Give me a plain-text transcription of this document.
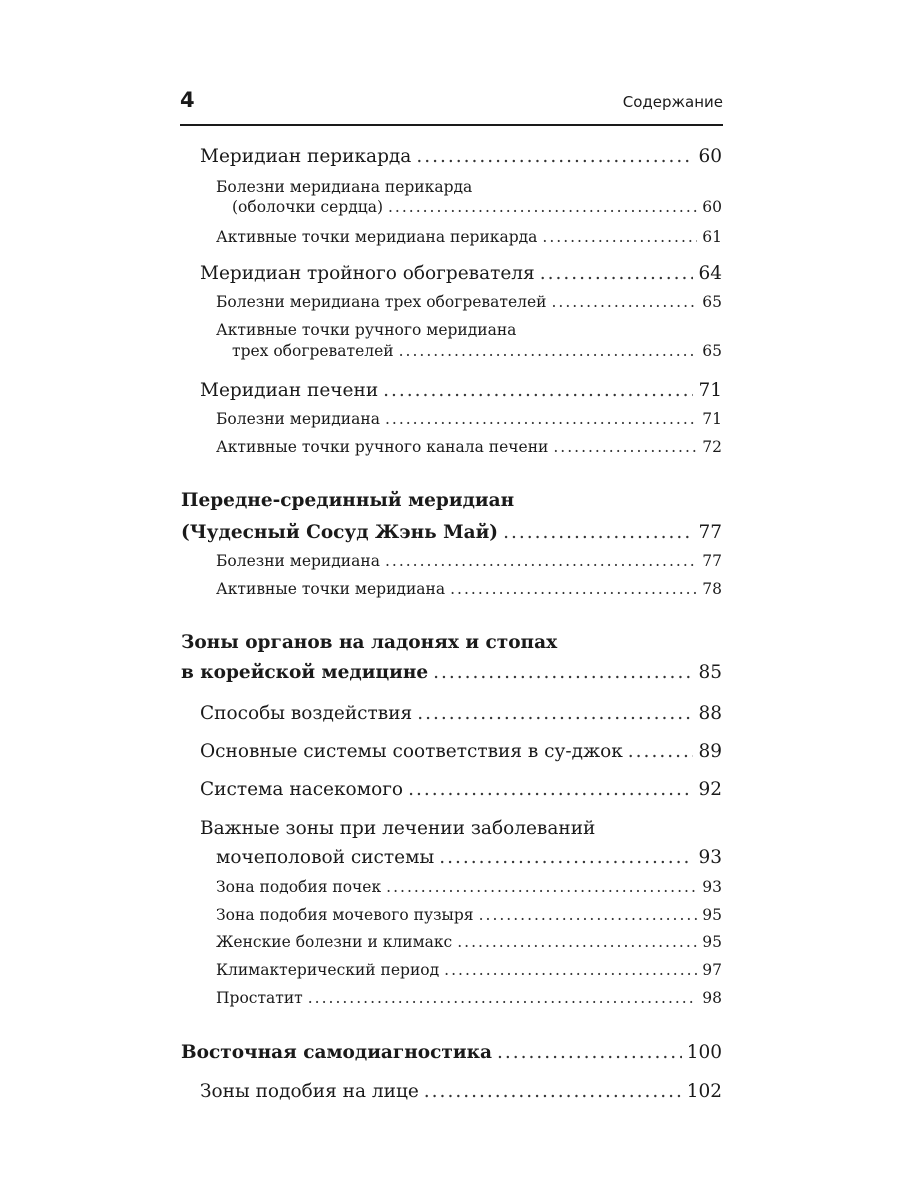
4	Содержание
Меридиан перикарда .....	60
Болезни меридиана перикарда
(оболочки сердца) .....	60
Активные точки меридиана перикарда .....	61
Меридиан тройного обогревателя .....	64
Болезни меридиана трех обогревателей .....	65
Активные точки ручного меридиана
трех обогревателей .....	65
Меридиан печени .....	71
Болезни меридиана .....	71
Активные точки ручного канала печени .....	72
Передне-срединный меридиан
(Чудесный Сосуд Жэнь Май) .....	77
Болезни меридиана .....	77
Активные точки меридиана .....	78
Зоны органов на ладонях и стопах
в корейской медицине .....	85
Способы воздействия .....	88
Основные системы соответствия в су-джок .....	89
Система насекомого .....	92
Важные зоны при лечении заболеваний
мочеполовой системы .....	93
Зона подобия почек .....	93
Зона подобия мочевого пузыря .....	95
Женские болезни и климакс .....	95
Климактерический период .....	97
Простатит .....	98
Восточная самодиагностика .....	100
Зоны подобия на лице .....	102
